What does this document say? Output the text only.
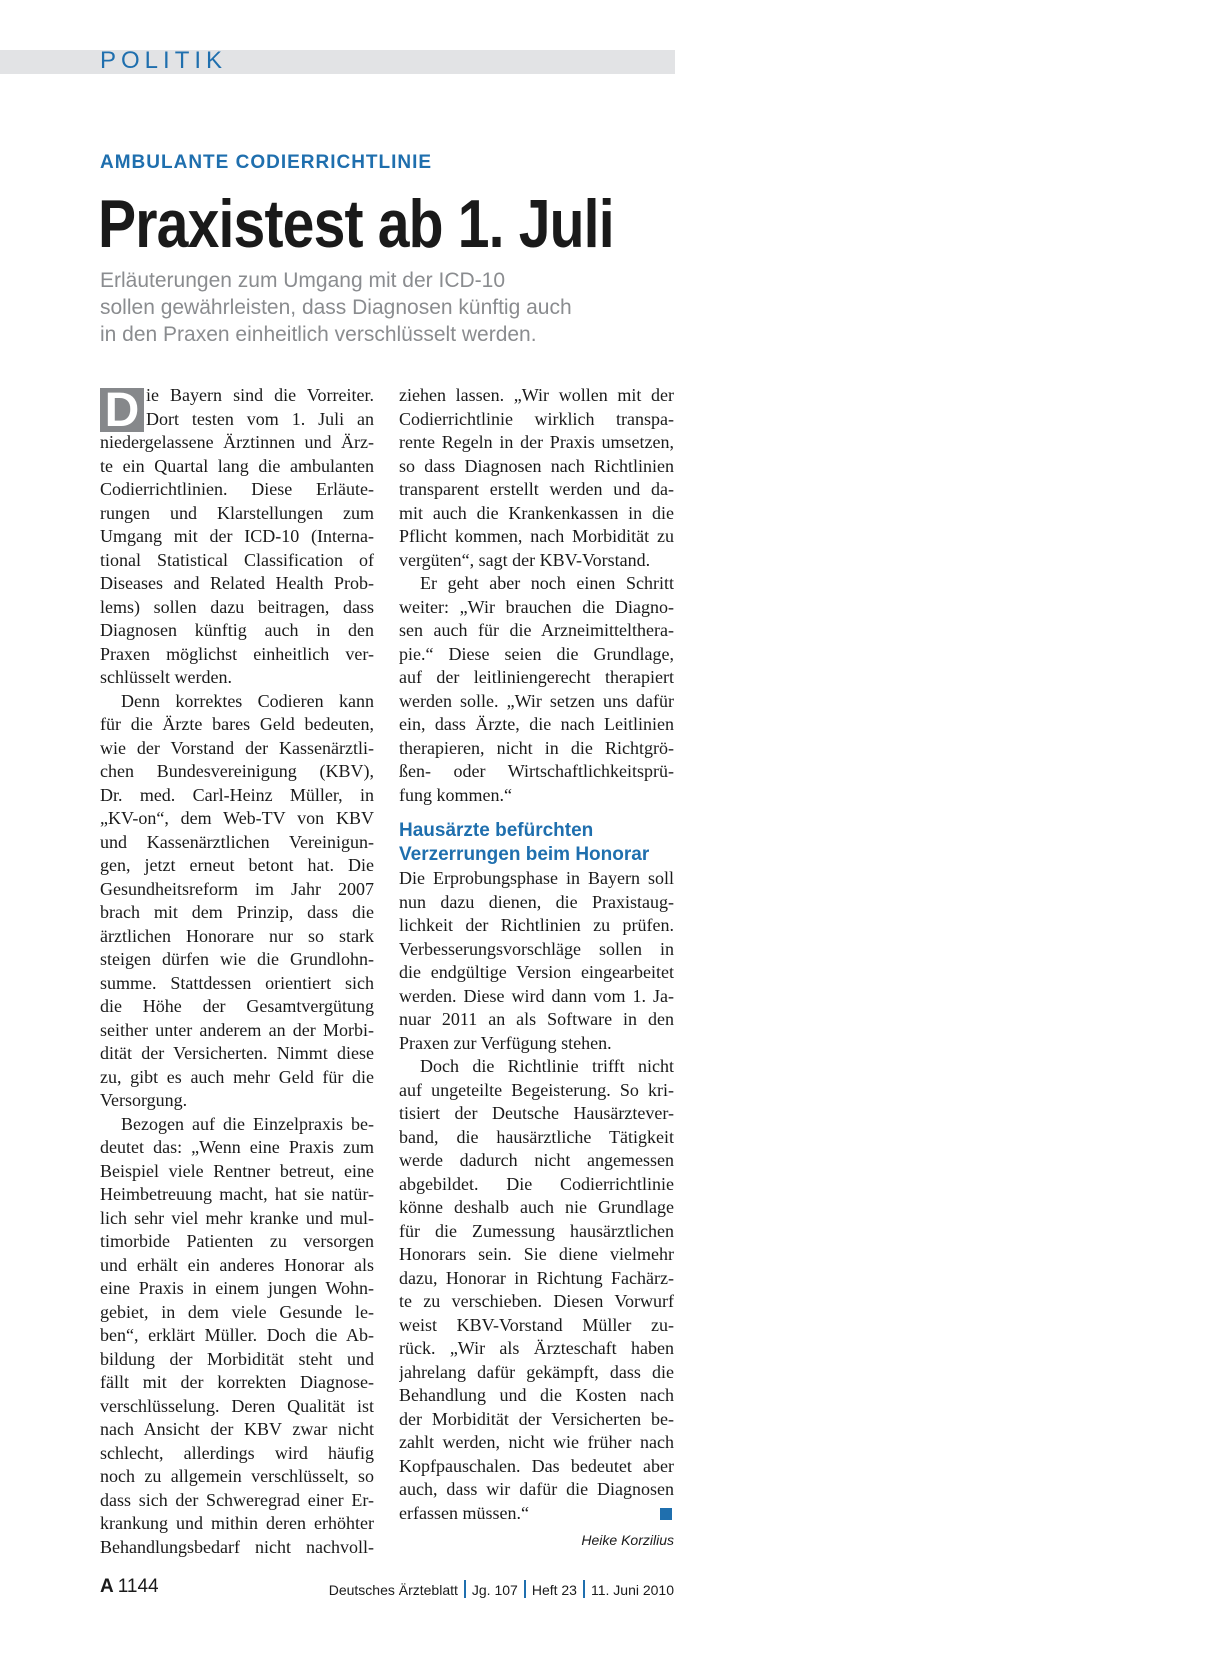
POLITIK
AMBULANTE CODIERRICHTLINIE
Praxistest ab 1. Juli
Erläuterungen zum Umgang mit der ICD-10
sollen gewährleisten, dass Diagnosen künftig auch
in den Praxen einheitlich verschlüsselt werden.
D ie Bayern sind die Vorreiter.
Dort testen vom 1. Juli an
niedergelassene Ärztinnen und Ärz-
te ein Quartal lang die ambulanten
Codierrichtlinien. Diese Erläute-
rungen und Klarstellungen zum
Umgang mit der ICD-10 (Interna-
tional Statistical Classification of
Diseases and Related Health Prob-
lems) sollen dazu beitragen, dass
Diagnosen künftig auch in den
Praxen möglichst einheitlich ver-
schlüsselt werden.
Denn korrektes Codieren kann
für die Ärzte bares Geld bedeuten,
wie der Vorstand der Kassenärztli-
chen Bundesvereinigung (KBV),
Dr. med. Carl-Heinz Müller, in
„KV-on“, dem Web-TV von KBV
und Kassenärztlichen Vereinigun-
gen, jetzt erneut betont hat. Die
Gesundheitsreform im Jahr 2007
brach mit dem Prinzip, dass die
ärztlichen Honorare nur so stark
steigen dürfen wie die Grundlohn-
summe. Stattdessen orientiert sich
die Höhe der Gesamtvergütung
seither unter anderem an der Morbi-
dität der Versicherten. Nimmt diese
zu, gibt es auch mehr Geld für die
Versorgung.
Bezogen auf die Einzelpraxis be-
deutet das: „Wenn eine Praxis zum
Beispiel viele Rentner betreut, eine
Heimbetreuung macht, hat sie natür-
lich sehr viel mehr kranke und mul-
timorbide Patienten zu versorgen
und erhält ein anderes Honorar als
eine Praxis in einem jungen Wohn-
gebiet, in dem viele Gesunde le-
ben“, erklärt Müller. Doch die Ab-
bildung der Morbidität steht und
fällt mit der korrekten Diagnose-
verschlüsselung. Deren Qualität ist
nach Ansicht der KBV zwar nicht
schlecht, allerdings wird häufig
noch zu allgemein verschlüsselt, so
dass sich der Schweregrad einer Er-
krankung und mithin deren erhöhter
Behandlungsbedarf nicht nachvoll-
ziehen lassen. „Wir wollen mit der
Codierrichtlinie wirklich transpa-
rente Regeln in der Praxis umsetzen,
so dass Diagnosen nach Richtlinien
transparent erstellt werden und da-
mit auch die Krankenkassen in die
Pflicht kommen, nach Morbidität zu
vergüten“, sagt der KBV-Vorstand.
Er geht aber noch einen Schritt
weiter: „Wir brauchen die Diagno-
sen auch für die Arzneimitteltherа-
pie.“ Diese seien die Grundlage,
auf der leitliniengerecht therapiert
werden solle. „Wir setzen uns dafür
ein, dass Ärzte, die nach Leitlinien
therapieren, nicht in die Richtgrö-
ßen- oder Wirtschaftlichkeitsprü-
fung kommen.“
Hausärzte befürchten
Verzerrungen beim Honorar
Die Erprobungsphase in Bayern soll
nun dazu dienen, die Praxistaug-
lichkeit der Richtlinien zu prüfen.
Verbesserungsvorschläge sollen in
die endgültige Version eingearbeitet
werden. Diese wird dann vom 1. Ja-
nuar 2011 an als Software in den
Praxen zur Verfügung stehen.
Doch die Richtlinie trifft nicht
auf ungeteilte Begeisterung. So kri-
tisiert der Deutsche Hausärztever-
band, die hausärztliche Tätigkeit
werde dadurch nicht angemessen
abgebildet. Die Codierrichtlinie
könne deshalb auch nie Grundlage
für die Zumessung hausärztlichen
Honorars sein. Sie diene vielmehr
dazu, Honorar in Richtung Fachärz-
te zu verschieben. Diesen Vorwurf
weist KBV-Vorstand Müller zu-
rück. „Wir als Ärzteschaft haben
jahrelang dafür gekämpft, dass die
Behandlung und die Kosten nach
der Morbidität der Versicherten be-
zahlt werden, nicht wie früher nach
Kopfpauschalen. Das bedeutet aber
auch, dass wir dafür die Diagnosen
erfassen müssen.“
Heike Korzilius
A 1144	Deutsches Ärzteblatt Jg. 107 Heft 23 11. Juni 2010
